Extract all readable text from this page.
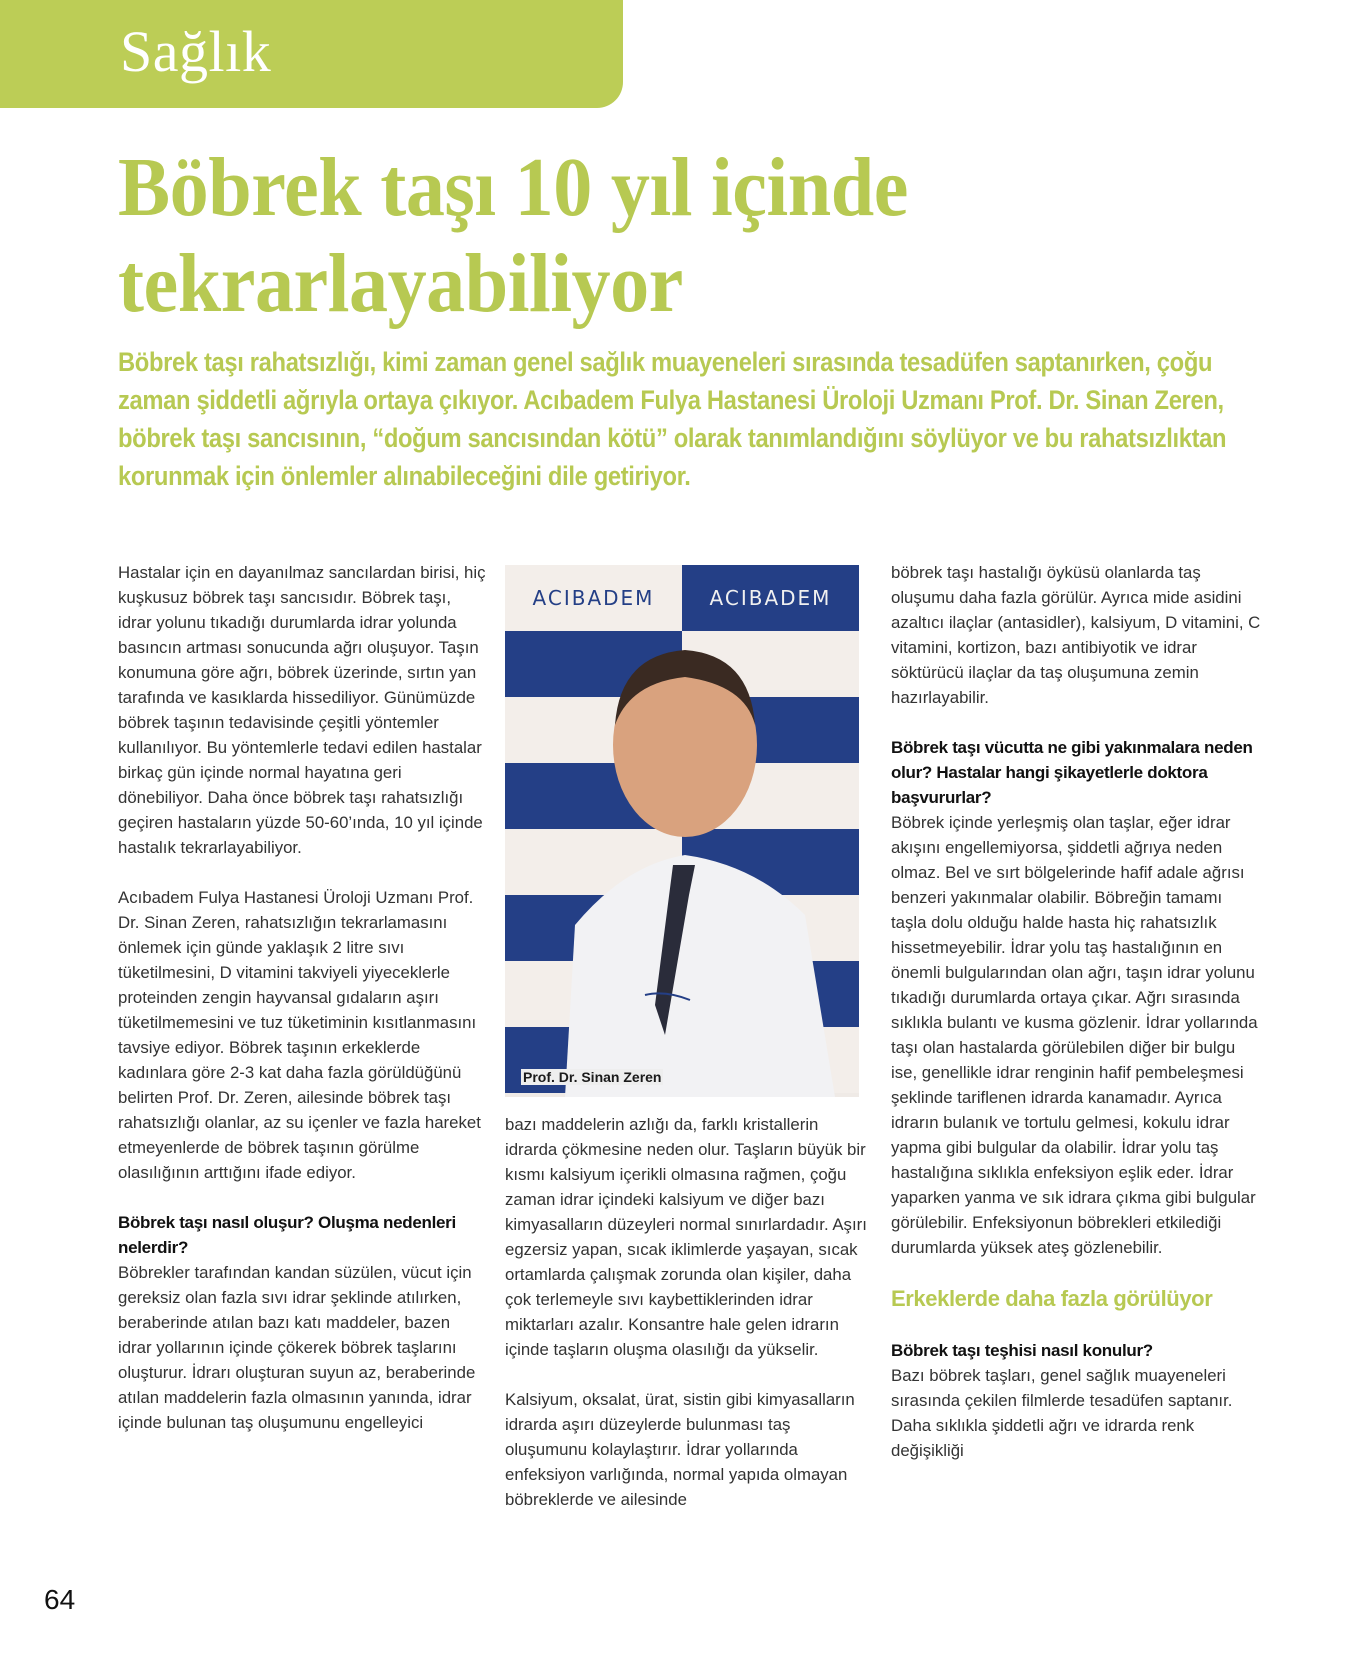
Sağlık
Böbrek taşı 10 yıl içinde tekrarlayabiliyor

Böbrek taşı rahatsızlığı, kimi zaman genel sağlık muayeneleri sırasında tesadüfen saptanırken, çoğu zaman şiddetli ağrıyla ortaya çıkıyor. Acıbadem Fulya Hastanesi Üroloji Uzmanı Prof. Dr. Sinan Zeren, böbrek taşı sancısının, “doğum sancısından kötü” olarak tanımlandığını söylüyor ve bu rahatsızlıktan korunmak için önlemler alınabileceğini dile getiriyor.

Hastalar için en dayanılmaz sancılardan birisi, hiç kuşkusuz böbrek taşı sancısıdır. Böbrek taşı, idrar yolunu tıkadığı durumlarda idrar yolunda basıncın artması sonucunda ağrı oluşuyor. Taşın konumuna göre ağrı, böbrek üzerinde, sırtın yan tarafında ve kasıklarda hissediliyor. Günümüzde böbrek taşının tedavisinde çeşitli yöntemler kullanılıyor. Bu yöntemlerle tedavi edilen hastalar birkaç gün içinde normal hayatına geri dönebiliyor. Daha önce böbrek taşı rahatsızlığı geçiren hastaların yüzde 50-60’ında, 10 yıl içinde hastalık tekrarlayabiliyor.

Acıbadem Fulya Hastanesi Üroloji Uzmanı Prof. Dr. Sinan Zeren, rahatsızlığın tekrarlamasını önlemek için günde yaklaşık 2 litre sıvı tüketilmesini, D vitamini takviyeli yiyeceklerle proteinden zengin hayvansal gıdaların aşırı tüketilmemesini ve tuz tüketiminin kısıtlanmasını tavsiye ediyor. Böbrek taşının erkeklerde kadınlara göre 2-3 kat daha fazla görüldüğünü belirten Prof. Dr. Zeren, ailesinde böbrek taşı rahatsızlığı olanlar, az su içenler ve fazla hareket etmeyenlerde de böbrek taşının görülme olasılığının arttığını ifade ediyor.

Böbrek taşı nasıl oluşur? Oluşma nedenleri nelerdir?

Böbrekler tarafından kandan süzülen, vücut için gereksiz olan fazla sıvı idrar şeklinde atılırken, beraberinde atılan bazı katı maddeler, bazen idrar yollarının içinde çökerek böbrek taşlarını oluşturur. İdrarı oluşturan suyun az, beraberinde atılan maddelerin fazla olmasının yanında, idrar içinde bulunan taş oluşumunu engelleyici

ACIBADEM	ACIBADEM
Prof. Dr. Sinan Zeren

bazı maddelerin azlığı da, farklı kristallerin idrarda çökmesine neden olur. Taşların büyük bir kısmı kalsiyum içerikli olmasına rağmen, çoğu zaman idrar içindeki kalsiyum ve diğer bazı kimyasalların düzeyleri normal sınırlardadır. Aşırı egzersiz yapan, sıcak iklimlerde yaşayan, sıcak ortamlarda çalışmak zorunda olan kişiler, daha çok terlemeyle sıvı kaybettiklerinden idrar miktarları azalır. Konsantre hale gelen idrarın içinde taşların oluşma olasılığı da yükselir.

Kalsiyum, oksalat, ürat, sistin gibi kimyasalların idrarda aşırı düzeylerde bulunması taş oluşumunu kolaylaştırır. İdrar yollarında enfeksiyon varlığında, normal yapıda olmayan böbreklerde ve ailesinde

böbrek taşı hastalığı öyküsü olanlarda taş oluşumu daha fazla görülür. Ayrıca mide asidini azaltıcı ilaçlar (antasidler), kalsiyum, D vitamini, C vitamini, kortizon, bazı antibiyotik ve idrar söktürücü ilaçlar da taş oluşumuna zemin hazırlayabilir.

Böbrek taşı vücutta ne gibi yakınmalara neden olur? Hastalar hangi şikayetlerle doktora başvururlar?

Böbrek içinde yerleşmiş olan taşlar, eğer idrar akışını engellemiyorsa, şiddetli ağrıya neden olmaz. Bel ve sırt bölgelerinde hafif adale ağrısı benzeri yakınmalar olabilir. Böbreğin tamamı taşla dolu olduğu halde hasta hiç rahatsızlık hissetmeyebilir. İdrar yolu taş hastalığının en önemli bulgularından olan ağrı, taşın idrar yolunu tıkadığı durumlarda ortaya çıkar. Ağrı sırasında sıklıkla bulantı ve kusma gözlenir. İdrar yollarında taşı olan hastalarda görülebilen diğer bir bulgu ise, genellikle idrar renginin hafif pembeleşmesi şeklinde tariflenen idrarda kanamadır. Ayrıca idrarın bulanık ve tortulu gelmesi, kokulu idrar yapma gibi bulgular da olabilir. İdrar yolu taş hastalığına sıklıkla enfeksiyon eşlik eder. İdrar yaparken yanma ve sık idrara çıkma gibi bulgular görülebilir. Enfeksiyonun böbrekleri etkilediği durumlarda yüksek ateş gözlenebilir.

Erkeklerde daha fazla görülüyor
Böbrek taşı teşhisi nasıl konulur?

Bazı böbrek taşları, genel sağlık muayeneleri sırasında çekilen filmlerde tesadüfen saptanır. Daha sıklıkla şiddetli ağrı ve idrarda renk değişikliği

64
